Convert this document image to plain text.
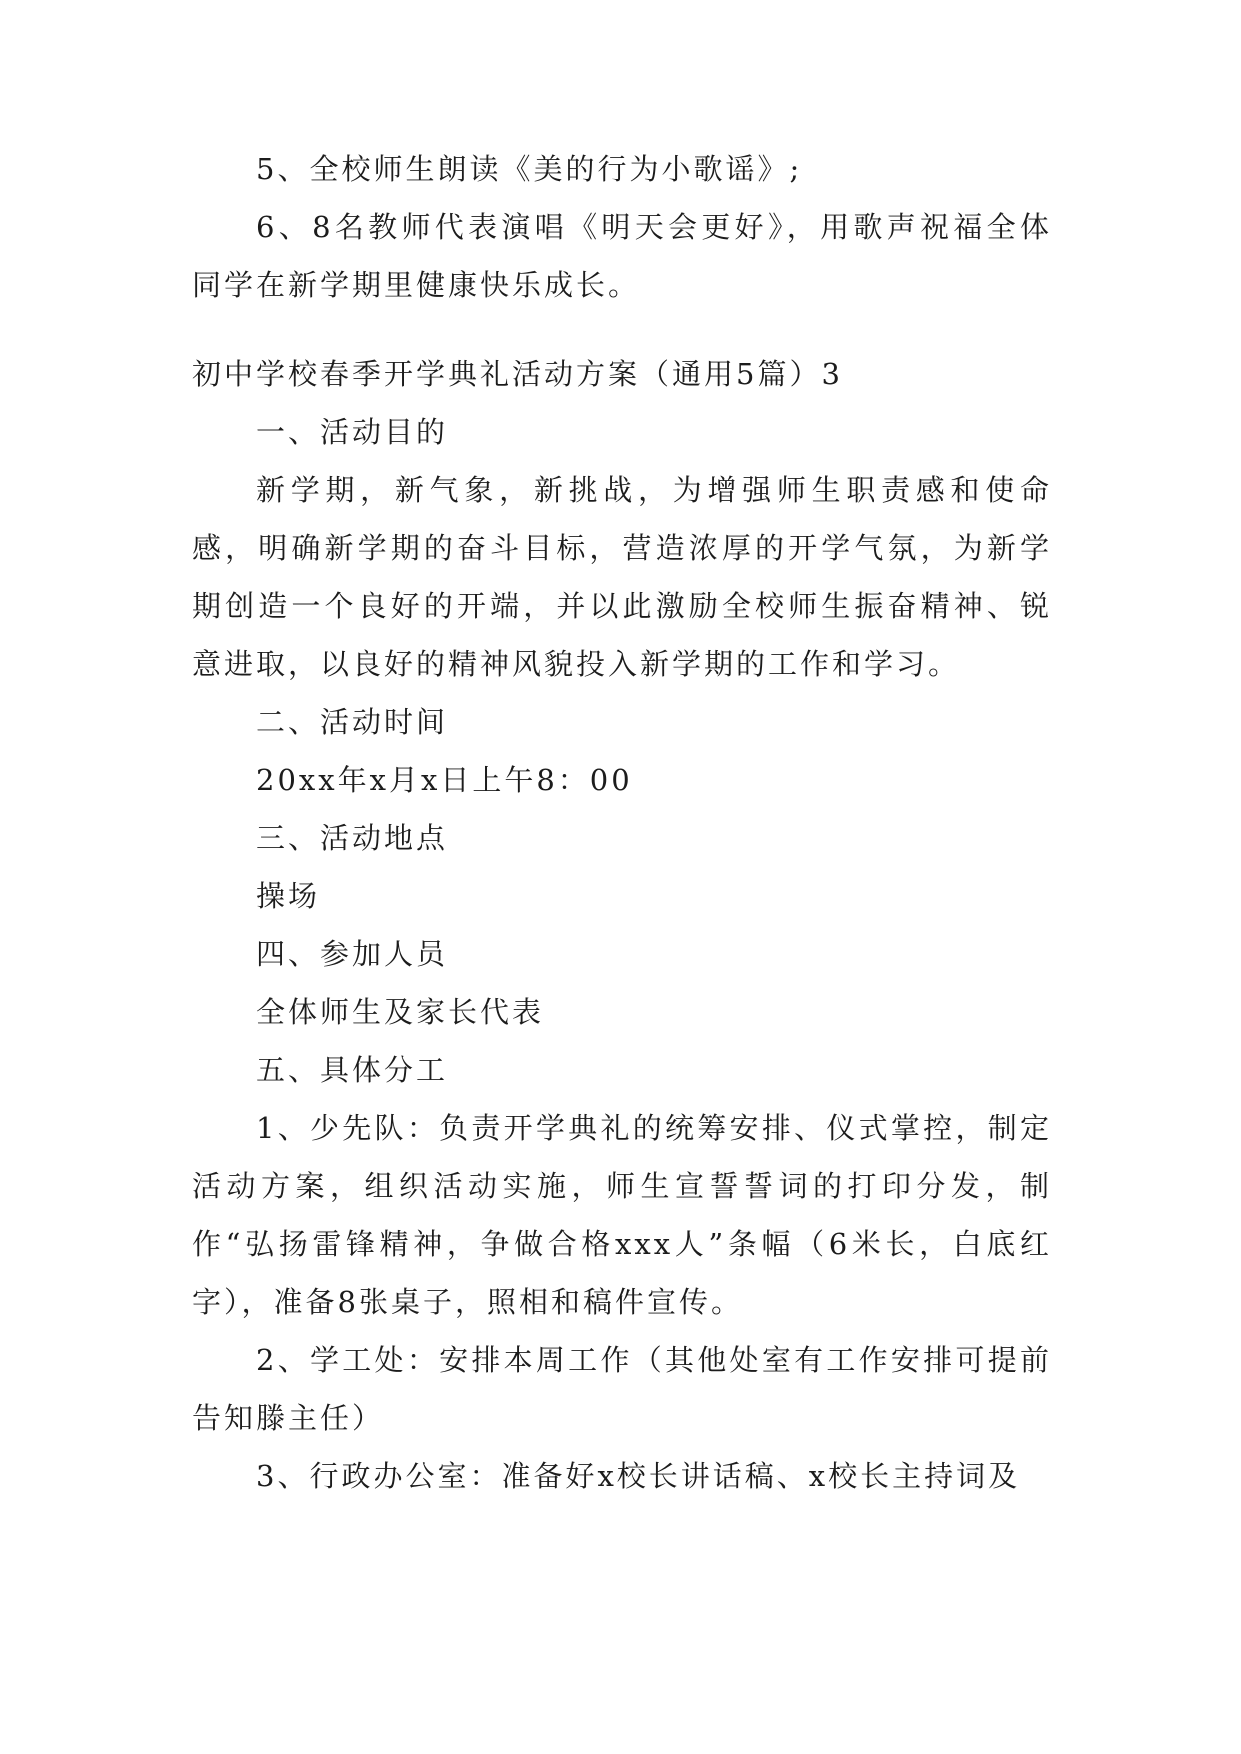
5、全校师生朗读《美的行为小歌谣》;

6、8名教师代表演唱《明天会更好》，用歌声祝福全体同学在新学期里健康快乐成长。

初中学校春季开学典礼活动方案（通用5篇）3

一、活动目的

新学期，新气象，新挑战，为增强师生职责感和使命感，明确新学期的奋斗目标，营造浓厚的开学气氛，为新学期创造一个良好的开端，并以此激励全校师生振奋精神、锐意进取，以良好的精神风貌投入新学期的工作和学习。

二、活动时间

20xx年x月x日上午8：00

三、活动地点

操场

四、参加人员

全体师生及家长代表

五、具体分工

1、少先队：负责开学典礼的统筹安排、仪式掌控，制定活动方案，组织活动实施，师生宣誓誓词的打印分发，制作“弘扬雷锋精神，争做合格xxx人”条幅（6米长，白底红字），准备8张桌子，照相和稿件宣传。

2、学工处：安排本周工作（其他处室有工作安排可提前告知滕主任）

3、行政办公室：准备好x校长讲话稿、x校长主持词及
